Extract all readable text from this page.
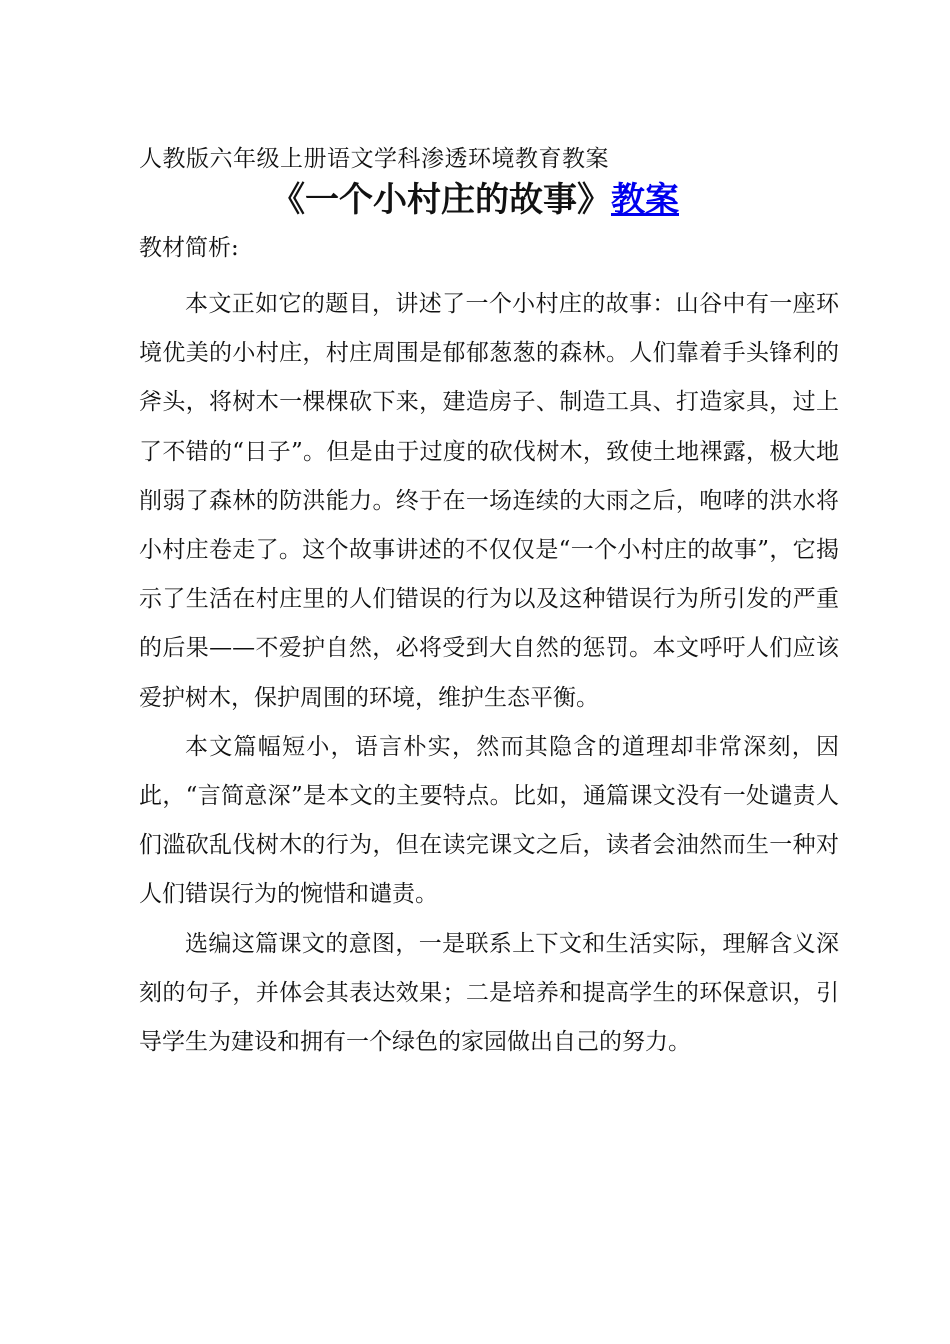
人教版六年级上册语文学科渗透环境教育教案
《一个小村庄的故事》教案
教材简析:

本文正如它的题目，讲述了一个小村庄的故事：山谷中有一座环境优美的小村庄，村庄周围是郁郁葱葱的森林。人们靠着手头锋利的斧头，将树木一棵棵砍下来，建造房子、制造工具、打造家具，过上了不错的“日子”。但是由于过度的砍伐树木，致使土地裸露，极大地削弱了森林的防洪能力。终于在一场连续的大雨之后，咆哮的洪水将小村庄卷走了。这个故事讲述的不仅仅是“一个小村庄的故事”，它揭示了生活在村庄里的人们错误的行为以及这种错误行为所引发的严重的后果——不爱护自然，必将受到大自然的惩罚。本文呼吁人们应该爱护树木，保护周围的环境，维护生态平衡。

本文篇幅短小，语言朴实，然而其隐含的道理却非常深刻，因此，“言简意深”是本文的主要特点。比如，通篇课文没有一处谴责人们滥砍乱伐树木的行为，但在读完课文之后，读者会油然而生一种对人们错误行为的惋惜和谴责。

选编这篇课文的意图，一是联系上下文和生活实际，理解含义深刻的句子，并体会其表达效果；二是培养和提高学生的环保意识，引导学生为建设和拥有一个绿色的家园做出自己的努力。
